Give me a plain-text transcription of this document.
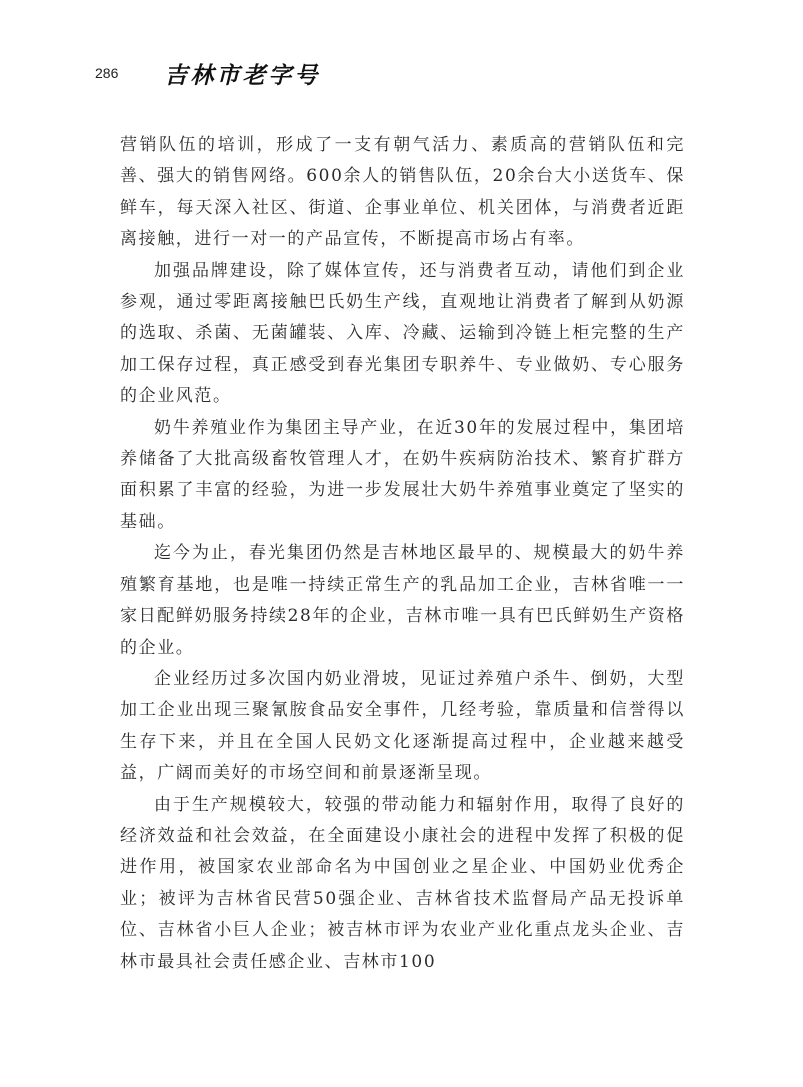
286 吉林市老字号

营销队伍的培训，形成了一支有朝气活力、素质高的营销队伍和完善、强大的销售网络。600余人的销售队伍，20余台大小送货车、保鲜车，每天深入社区、街道、企事业单位、机关团体，与消费者近距离接触，进行一对一的产品宣传，不断提高市场占有率。

加强品牌建设，除了媒体宣传，还与消费者互动，请他们到企业参观，通过零距离接触巴氏奶生产线，直观地让消费者了解到从奶源的选取、杀菌、无菌罐装、入库、冷藏、运输到冷链上柜完整的生产加工保存过程，真正感受到春光集团专职养牛、专业做奶、专心服务的企业风范。

奶牛养殖业作为集团主导产业，在近30年的发展过程中，集团培养储备了大批高级畜牧管理人才，在奶牛疾病防治技术、繁育扩群方面积累了丰富的经验，为进一步发展壮大奶牛养殖事业奠定了坚实的基础。

迄今为止，春光集团仍然是吉林地区最早的、规模最大的奶牛养殖繁育基地，也是唯一持续正常生产的乳品加工企业，吉林省唯一一家日配鲜奶服务持续28年的企业，吉林市唯一具有巴氏鲜奶生产资格的企业。

企业经历过多次国内奶业滑坡，见证过养殖户杀牛、倒奶，大型加工企业出现三聚氰胺食品安全事件，几经考验，靠质量和信誉得以生存下来，并且在全国人民奶文化逐渐提高过程中，企业越来越受益，广阔而美好的市场空间和前景逐渐呈现。

由于生产规模较大，较强的带动能力和辐射作用，取得了良好的经济效益和社会效益，在全面建设小康社会的进程中发挥了积极的促进作用，被国家农业部命名为中国创业之星企业、中国奶业优秀企业；被评为吉林省民营50强企业、吉林省技术监督局产品无投诉单位、吉林省小巨人企业；被吉林市评为农业产业化重点龙头企业、吉林市最具社会责任感企业、吉林市100
